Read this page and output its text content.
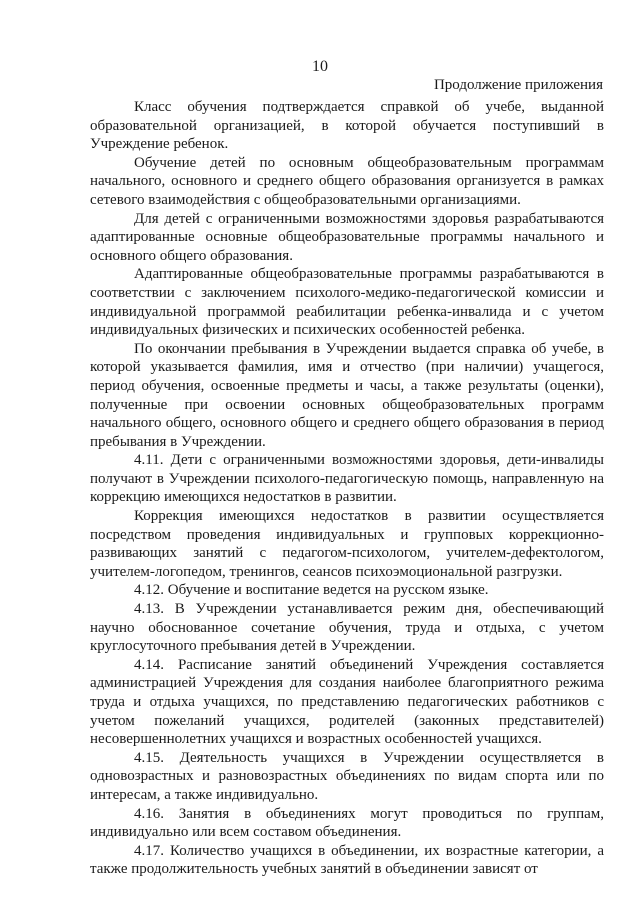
10
Продолжение приложения

Класс обучения подтверждается справкой об учебе, выданной образовательной организацией, в которой обучается поступивший в Учреждение ребенок.

Обучение детей по основным общеобразовательным программам начального, основного и среднего общего образования организуется в рамках сетевого взаимодействия с общеобразовательными организациями.

Для детей с ограниченными возможностями здоровья разрабатываются адаптированные основные общеобразовательные программы начального и основного общего образования.

Адаптированные общеобразовательные программы разрабатываются в соответствии с заключением психолого-медико-педагогической комиссии и индивидуальной программой реабилитации ребенка-инвалида и с учетом индивидуальных физических и психических особенностей ребенка.

По окончании пребывания в Учреждении выдается справка об учебе, в которой указывается фамилия, имя и отчество (при наличии) учащегося, период обучения, освоенные предметы и часы, а также результаты (оценки), полученные при освоении основных общеобразовательных программ начального общего, основного общего и среднего общего образования в период пребывания в Учреждении.

4.11. Дети с ограниченными возможностями здоровья, дети-инвалиды получают в Учреждении психолого-педагогическую помощь, направленную на коррекцию имеющихся недостатков в развитии.

Коррекция имеющихся недостатков в развитии осуществляется посредством проведения индивидуальных и групповых коррекционно-развивающих занятий с педагогом-психологом, учителем-дефектологом, учителем-логопедом, тренингов, сеансов психоэмоциональной разгрузки.

4.12. Обучение и воспитание ведется на русском языке.

4.13. В Учреждении устанавливается режим дня, обеспечивающий научно обоснованное сочетание обучения, труда и отдыха, с учетом круглосуточного пребывания детей в Учреждении.

4.14. Расписание занятий объединений Учреждения составляется администрацией Учреждения для создания наиболее благоприятного режима труда и отдыха учащихся, по представлению педагогических работников с учетом пожеланий учащихся, родителей (законных представителей) несовершеннолетних учащихся и возрастных особенностей учащихся.

4.15. Деятельность учащихся в Учреждении осуществляется в одновозрастных и разновозрастных объединениях по видам спорта или по интересам, а также индивидуально.

4.16. Занятия в объединениях могут проводиться по группам, индивидуально или всем составом объединения.

4.17. Количество учащихся в объединении, их возрастные категории, а также продолжительность учебных занятий в объединении зависят от
